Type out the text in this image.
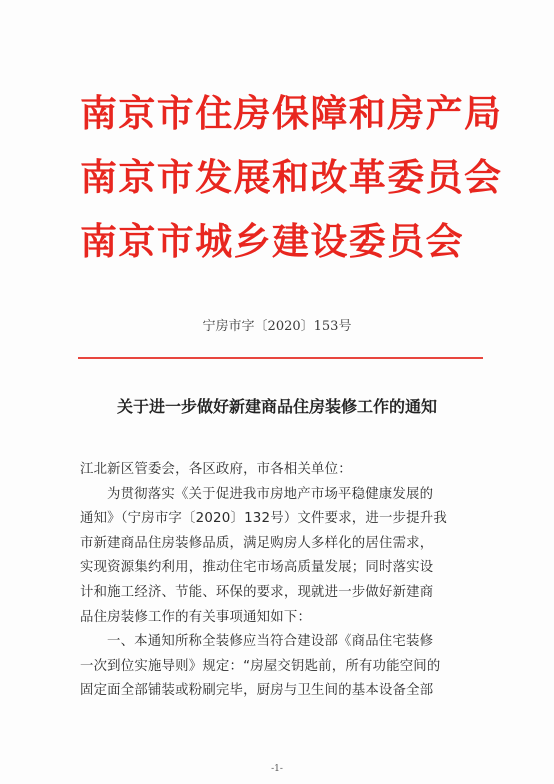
南京市住房保障和房产局
南京市发展和改革委员会
南京市城乡建设委员会

宁房市字〔2020〕153号

关于进一步做好新建商品住房装修工作的通知
江北新区管委会，各区政府，市各相关单位：
为贯彻落实《关于促进我市房地产市场平稳健康发展的
通知》（宁房市字〔2020〕132号）文件要求，进一步提升我
市新建商品住房装修品质，满足购房人多样化的居住需求，
实现资源集约利用，推动住宅市场高质量发展；同时落实设
计和施工经济、节能、环保的要求，现就进一步做好新建商
品住房装修工作的有关事项通知如下：
一、本通知所称全装修应当符合建设部《商品住宅装修
一次到位实施导则》规定：“房屋交钥匙前，所有功能空间的
固定面全部铺装或粉刷完毕，厨房与卫生间的基本设备全部

-1-
